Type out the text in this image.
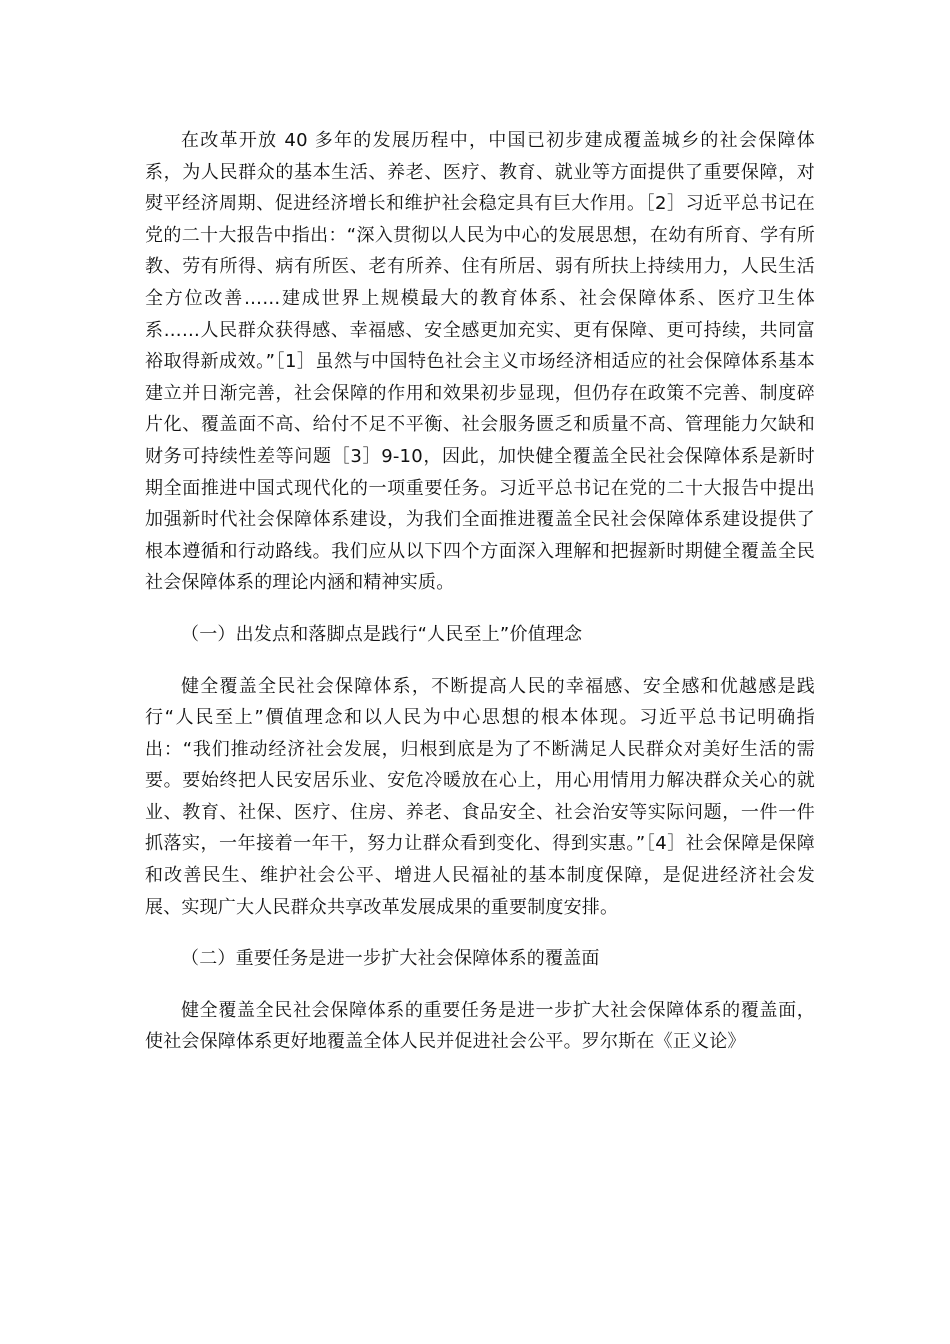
在改革开放 40 多年的发展历程中，中国已初步建成覆盖城乡的社会保障体系，为人民群众的基本生活、养老、医疗、教育、就业等方面提供了重要保障，对熨平经济周期、促进经济增长和维护社会稳定具有巨大作用。［2］习近平总书记在党的二十大报告中指出：“深入贯彻以人民为中心的发展思想，在幼有所育、学有所教、劳有所得、病有所医、老有所养、住有所居、弱有所扶上持续用力，人民生活全方位改善……建成世界上规模最大的教育体系、社会保障体系、医疗卫生体系……人民群众获得感、幸福感、安全感更加充实、更有保障、更可持续，共同富裕取得新成效。”［1］虽然与中国特色社会主义市场经济相适应的社会保障体系基本建立并日渐完善，社会保障的作用和效果初步显现，但仍存在政策不完善、制度碎片化、覆盖面不高、给付不足不平衡、社会服务匮乏和质量不高、管理能力欠缺和财务可持续性差等问题［3］9-10，因此，加快健全覆盖全民社会保障体系是新时期全面推进中国式现代化的一项重要任务。习近平总书记在党的二十大报告中提出加强新时代社会保障体系建设，为我们全面推进覆盖全民社会保障体系建设提供了根本遵循和行动路线。我们应从以下四个方面深入理解和把握新时期健全覆盖全民社会保障体系的理论内涵和精神实质。

（一）出发点和落脚点是践行“人民至上”价值理念

健全覆盖全民社会保障体系，不断提高人民的幸福感、安全感和优越感是践行“人民至上”價值理念和以人民为中心思想的根本体现。习近平总书记明确指出：“我们推动经济社会发展，归根到底是为了不断满足人民群众对美好生活的需要。要始终把人民安居乐业、安危冷暖放在心上，用心用情用力解决群众关心的就业、教育、社保、医疗、住房、养老、食品安全、社会治安等实际问题，一件一件抓落实，一年接着一年干，努力让群众看到变化、得到实惠。”［4］社会保障是保障和改善民生、维护社会公平、增进人民福祉的基本制度保障，是促进经济社会发展、实现广大人民群众共享改革发展成果的重要制度安排。

（二）重要任务是进一步扩大社会保障体系的覆盖面

健全覆盖全民社会保障体系的重要任务是进一步扩大社会保障体系的覆盖面，使社会保障体系更好地覆盖全体人民并促进社会公平。罗尔斯在《正义论》
